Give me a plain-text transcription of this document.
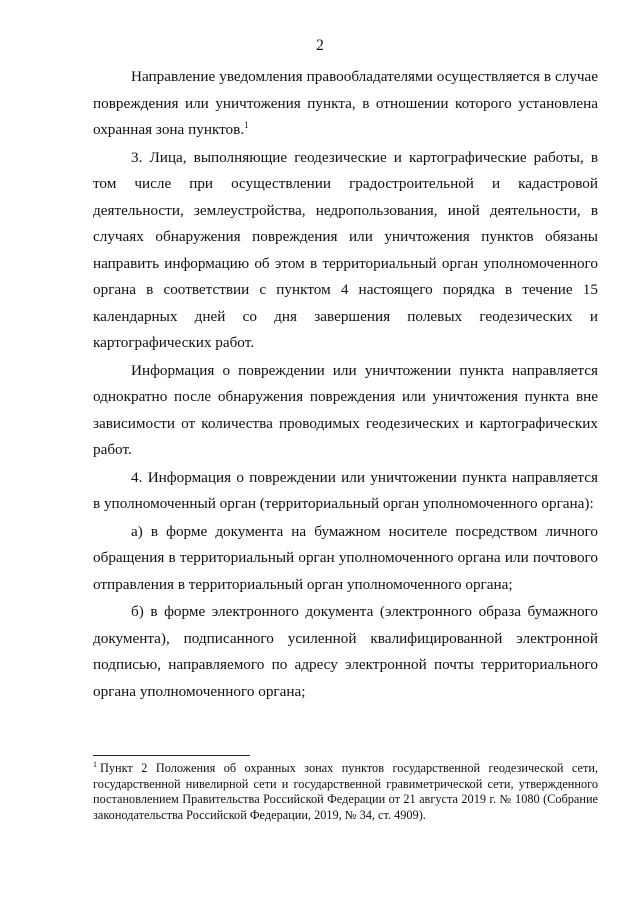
2

Направление уведомления правообладателями осуществляется в случае повреждения или уничтожения пункта, в отношении которого установлена охранная зона пунктов.$^1$

3. Лица, выполняющие геодезические и картографические работы, в том числе при осуществлении градостроительной и кадастровой деятельности, землеустройства, недропользования, иной деятельности, в случаях обнаружения повреждения или уничтожения пунктов обязаны направить информацию об этом в территориальный орган уполномоченного органа в соответствии с пунктом 4 настоящего порядка в течение 15 календарных дней со дня завершения полевых геодезических и картографических работ.

Информация о повреждении или уничтожении пункта направляется однократно после обнаружения повреждения или уничтожения пункта вне зависимости от количества проводимых геодезических и картографических работ.

4. Информация о повреждении или уничтожении пункта направляется в уполномоченный орган (территориальный орган уполномоченного органа):

а) в форме документа на бумажном носителе посредством личного обращения в территориальный орган уполномоченного органа или почтового отправления в территориальный орган уполномоченного органа;

б) в форме электронного документа (электронного образа бумажного документа), подписанного усиленной квалифицированной электронной подписью, направляемого по адресу электронной почты территориального органа уполномоченного органа;

$^1$ Пункт 2 Положения об охранных зонах пунктов государственной геодезической сети, государственной нивелирной сети и государственной гравиметрической сети, утвержденного постановлением Правительства Российской Федерации от 21 августа 2019 г. № 1080 (Собрание законодательства Российской Федерации, 2019, № 34, ст. 4909).
